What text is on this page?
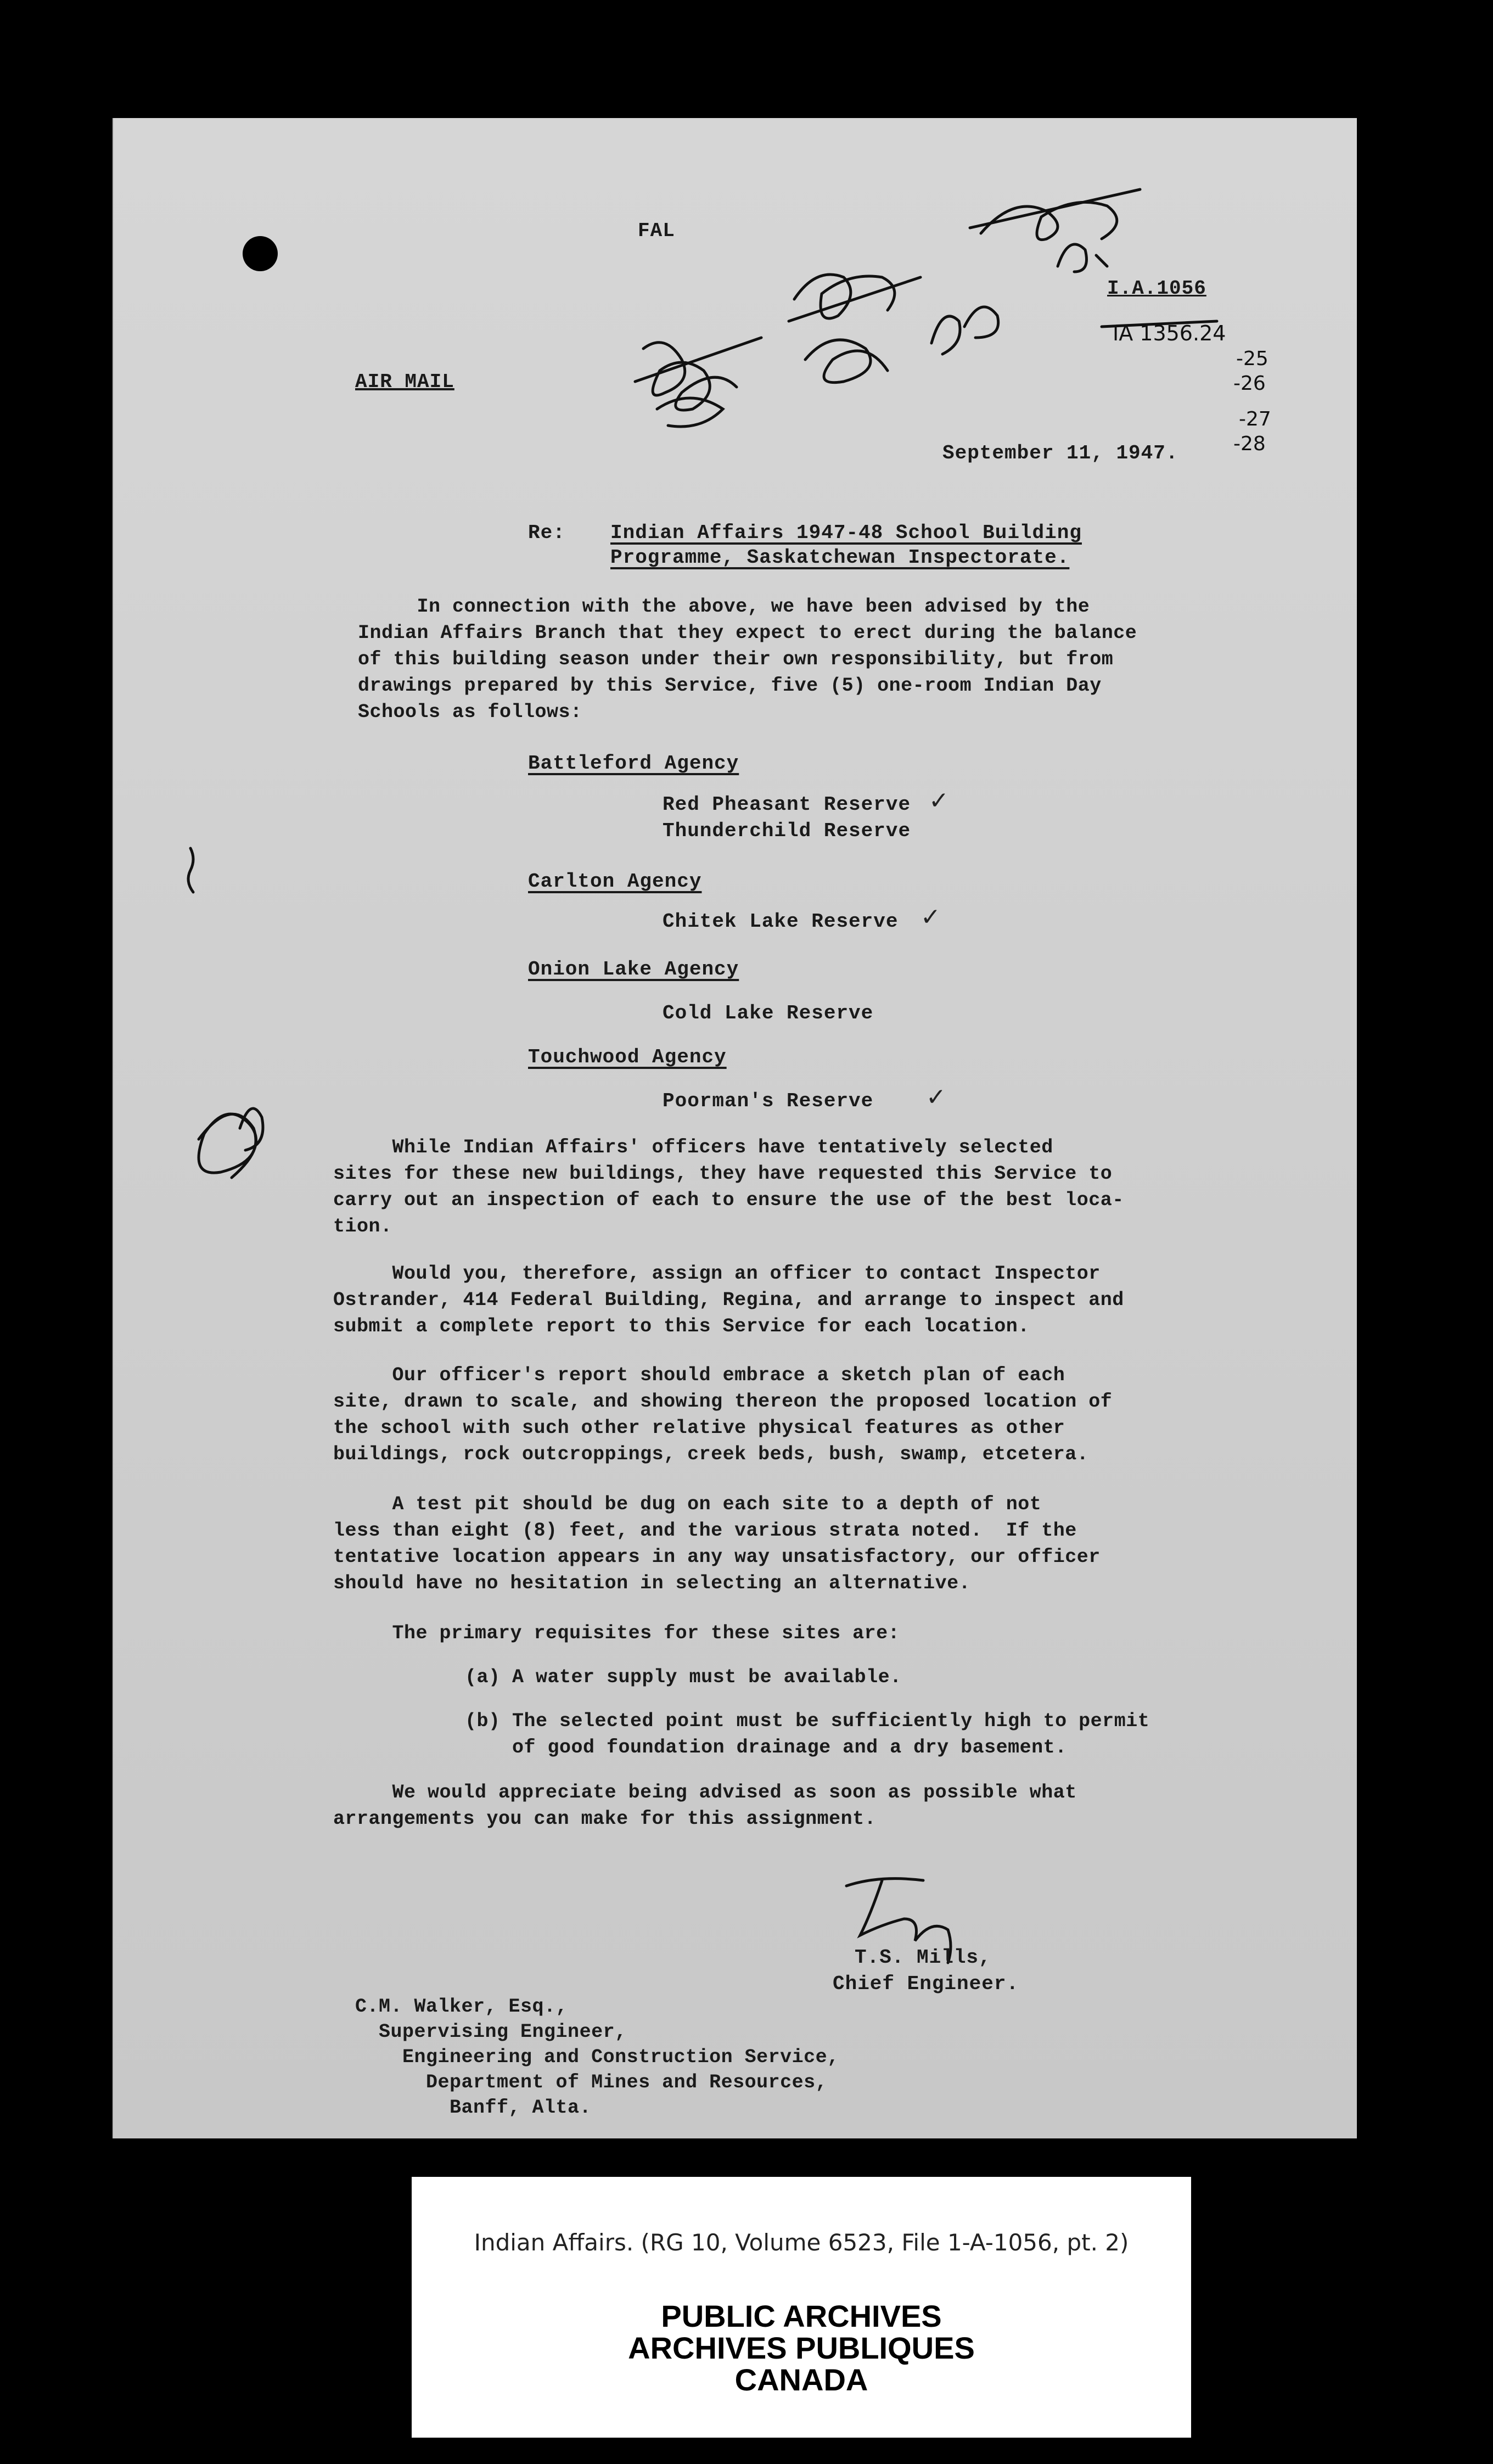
FAL
I.A.1056
AIR MAIL
September 11, 1947.
IA 1356.24
-25
-26
-27
-28
Re: Indian Affairs 1947-48 School Building
Programme, Saskatchewan Inspectorate.
In connection with the above, we have been advised by the
Indian Affairs Branch that they expect to erect during the balance
of this building season under their own responsibility, but from
drawings prepared by this Service, five (5) one-room Indian Day
Schools as follows:
Battleford Agency
Red Pheasant Reserve ✓
Thunderchild Reserve
Carlton Agency
Chitek Lake Reserve ✓
Onion Lake Agency
Cold Lake Reserve
Touchwood Agency
Poorman's Reserve ✓
While Indian Affairs' officers have tentatively selected
sites for these new buildings, they have requested this Service to
carry out an inspection of each to ensure the use of the best loca-
tion.
Would you, therefore, assign an officer to contact Inspector
Ostrander, 414 Federal Building, Regina, and arrange to inspect and
submit a complete report to this Service for each location.
Our officer's report should embrace a sketch plan of each
site, drawn to scale, and showing thereon the proposed location of
the school with such other relative physical features as other
buildings, rock outcroppings, creek beds, bush, swamp, etcetera.
A test pit should be dug on each site to a depth of not
less than eight (8) feet, and the various strata noted.  If the
tentative location appears in any way unsatisfactory, our officer
should have no hesitation in selecting an alternative.
The primary requisites for these sites are:
(a) A water supply must be available.
(b) The selected point must be sufficiently high to permit
of good foundation drainage and a dry basement.
We would appreciate being advised as soon as possible what
arrangements you can make for this assignment.
T.S. Mills,
Chief Engineer.
C.M. Walker, Esq.,
Supervising Engineer,
Engineering and Construction Service,
Department of Mines and Resources,
Banff, Alta.
Indian Affairs. (RG 10, Volume 6523, File 1-A-1056, pt. 2)
PUBLIC ARCHIVES
ARCHIVES PUBLIQUES
CANADA
